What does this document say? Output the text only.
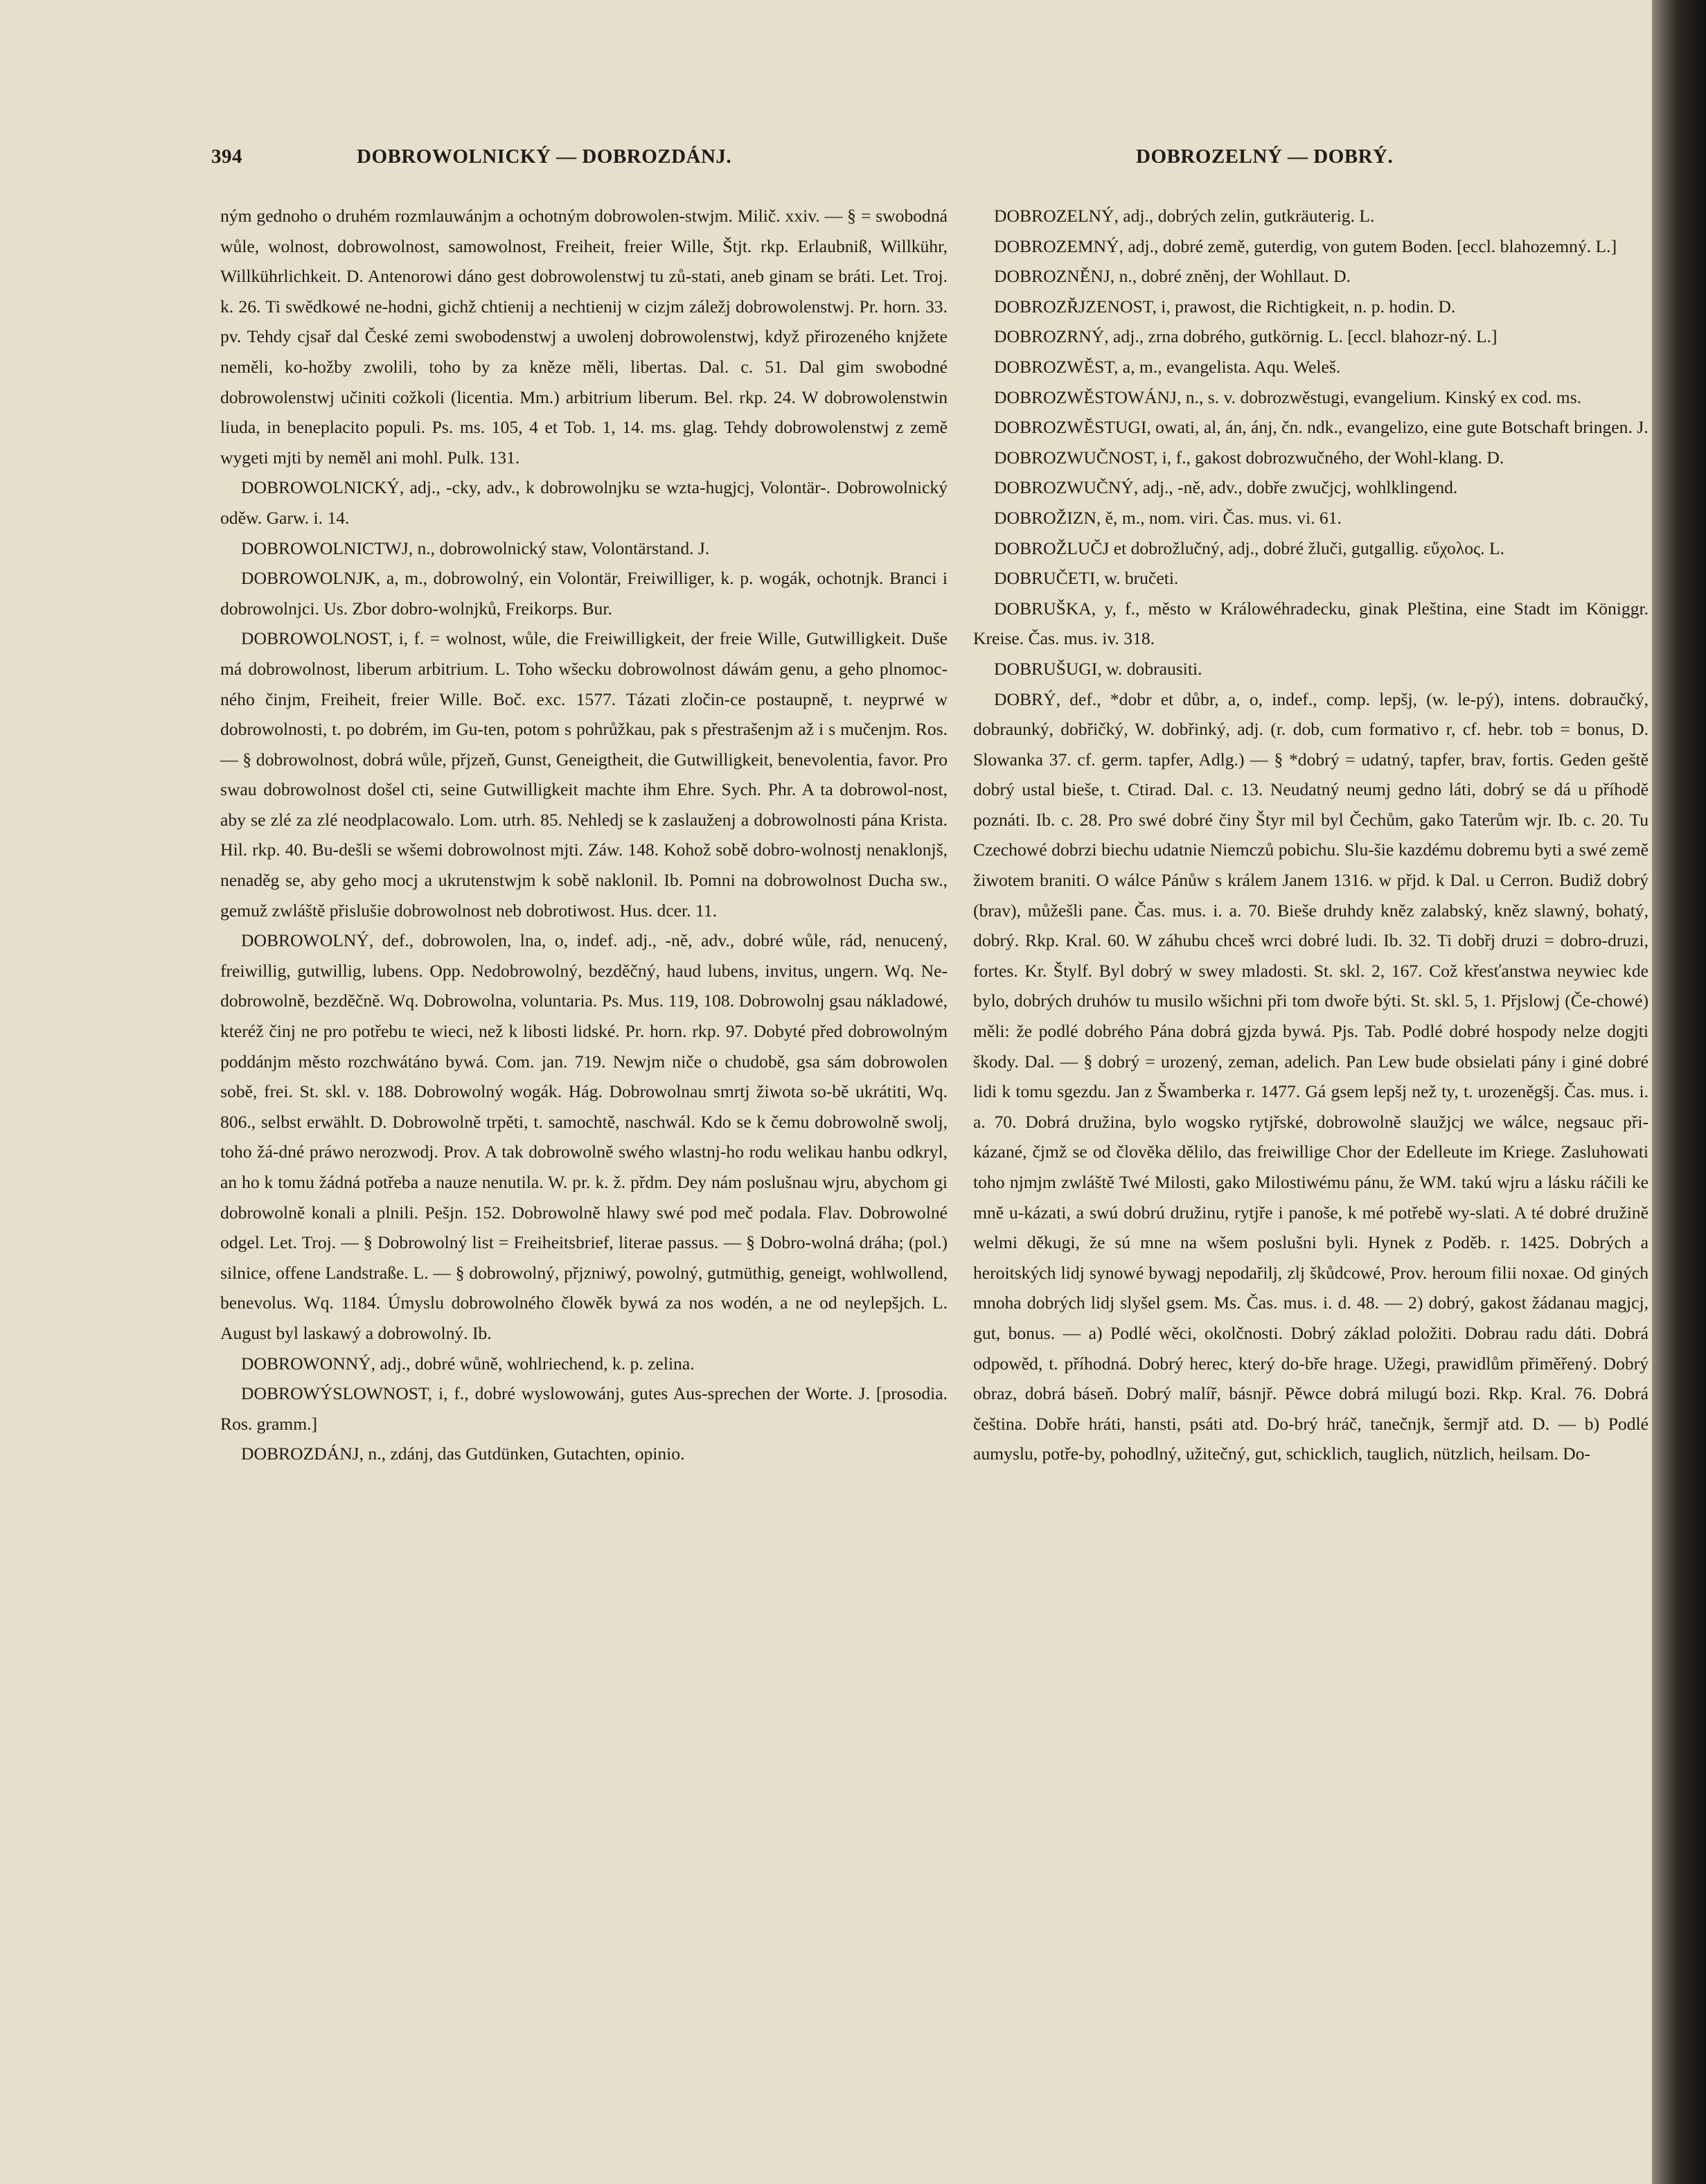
394	DOBROWOLNICKÝ — DOBROZDÁNJ.	DOBROZELNÝ — DOBRÝ.

ným gednoho o druhém rozmlauwánjm a ochotným dobrowolen-stwjm. Milič. xxiv. — § = swobodná wůle, wolnost, dobrowolnost, samowolnost, Freiheit, freier Wille, Štjt. rkp. Erlaubniß, Willkühr, Willkührlichkeit. D. Antenorowi dáno gest dobrowolenstwj tu zů-stati, aneb ginam se bráti. Let. Troj. k. 26. Ti swědkowé ne-hodni, gichž chtienij a nechtienij w cizjm záležj dobrowolenstwj. Pr. horn. 33. pv. Tehdy cjsař dal České zemi swobodenstwj a uwolenj dobrowolenstwj, když přirozeného knjžete neměli, ko-hožby zwolili, toho by za kněze měli, libertas. Dal. c. 51. Dal gim swobodné dobrowolenstwj učiniti cožkoli (licentia. Mm.) arbitrium liberum. Bel. rkp. 24. W dobrowolenstwin liuda, in beneplacito populi. Ps. ms. 105, 4 et Tob. 1, 14. ms. glag. Tehdy dobrowolenstwj z země wygeti mjti by neměl ani mohl. Pulk. 131.

DOBROWOLNICKÝ, adj., -cky, adv., k dobrowolnjku se wzta-hugjcj, Volontär-. Dobrowolnický oděw. Garw. i. 14.

DOBROWOLNICTWJ, n., dobrowolnický staw, Volontärstand. J.

DOBROWOLNJK, a, m., dobrowolný, ein Volontär, Freiwilliger, k. p. wogák, ochotnjk. Branci i dobrowolnjci. Us. Zbor dobro-wolnjků, Freikorps. Bur.

DOBROWOLNOST, i, f. = wolnost, wůle, die Freiwilligkeit, der freie Wille, Gutwilligkeit. Duše má dobrowolnost, liberum arbitrium. L. Toho wšecku dobrowolnost dáwám genu, a geho plnomoc-ného činjm, Freiheit, freier Wille. Boč. exc. 1577. Tázati zločin-ce postaupně, t. neyprwé w dobrowolnosti, t. po dobrém, im Gu-ten, potom s pohrůžkau, pak s přestrašenjm až i s mučenjm. Ros. — § dobrowolnost, dobrá wůle, přjzeň, Gunst, Geneigtheit, die Gutwilligkeit, benevolentia, favor. Pro swau dobrowolnost došel cti, seine Gutwilligkeit machte ihm Ehre. Sych. Phr. A ta dobrowol-nost, aby se zlé za zlé neodplacowalo. Lom. utrh. 85. Nehledj se k zaslauženj a dobrowolnosti pána Krista. Hil. rkp. 40. Bu-dešli se wšemi dobrowolnost mjti. Záw. 148. Kohož sobě dobro-wolnostj nenaklonjš, nenaděg se, aby geho mocj a ukrutenstwjm k sobě naklonil. Ib. Pomni na dobrowolnost Ducha sw., gemuž zwláště přislušie dobrowolnost neb dobrotiwost. Hus. dcer. 11.

DOBROWOLNÝ, def., dobrowolen, lna, o, indef. adj., -ně, adv., dobré wůle, rád, nenucený, freiwillig, gutwillig, lubens. Opp. Nedobrowolný, bezděčný, haud lubens, invitus, ungern. Wq. Ne-dobrowolně, bezděčně. Wq. Dobrowolna, voluntaria. Ps. Mus. 119, 108. Dobrowolnj gsau nákladowé, kteréž činj ne pro potřebu te wieci, než k libosti lidské. Pr. horn. rkp. 97. Dobyté před dobrowolným poddánjm město rozchwátáno bywá. Com. jan. 719. Newjm niče o chudobě, gsa sám dobrowolen sobě, frei. St. skl. v. 188. Dobrowolný wogák. Hág. Dobrowolnau smrtj žiwota so-bě ukrátiti, Wq. 806., selbst erwählt. D. Dobrowolně trpěti, t. samochtě, naschwál. Kdo se k čemu dobrowolně swolj, toho žá-dné práwo nerozwodj. Prov. A tak dobrowolně swého wlastnj-ho rodu welikau hanbu odkryl, an ho k tomu žádná potřeba a nauze nenutila. W. pr. k. ž. přdm. Dey nám poslušnau wjru, abychom gi dobrowolně konali a plnili. Pešjn. 152. Dobrowolně hlawy swé pod meč podala. Flav. Dobrowolné odgel. Let. Troj. — § Dobrowolný list = Freiheitsbrief, literae passus. — § Dobro-wolná dráha; (pol.) silnice, offene Landstraße. L. — § dobrowolný, přjzniwý, powolný, gutmüthig, geneigt, wohlwollend, benevolus. Wq. 1184. Úmyslu dobrowolného člowěk bywá za nos wodén, a ne od neylepšjch. L. August byl laskawý a dobrowolný. Ib.

DOBROWONNÝ, adj., dobré wůně, wohlriechend, k. p. zelina.

DOBROWÝSLOWNOST, i, f., dobré wyslowowánj, gutes Aus-sprechen der Worte. J. [prosodia. Ros. gramm.]

DOBROZDÁNJ, n., zdánj, das Gutdünken, Gutachten, opinio.

DOBROZELNÝ, adj., dobrých zelin, gutkräuterig. L.

DOBROZEMNÝ, adj., dobré země, guterdig, von gutem Boden. [eccl. blahozemný. L.]

DOBROZNĚNJ, n., dobré zněnj, der Wohllaut. D.

DOBROZŘJZENOST, i, prawost, die Richtigkeit, n. p. hodin. D.

DOBROZRNÝ, adj., zrna dobrého, gutkörnig. L. [eccl. blahozr-ný. L.]

DOBROZWĚST, a, m., evangelista. Aqu. Weleš.

DOBROZWĚSTOWÁNJ, n., s. v. dobrozwěstugi, evangelium. Kinský ex cod. ms.

DOBROZWĚSTUGI, owati, al, án, ánj, čn. ndk., evangelizo, eine gute Botschaft bringen. J.

DOBROZWUČNOST, i, f., gakost dobrozwučného, der Wohl-klang. D.

DOBROZWUČNÝ, adj., -ně, adv., dobře zwučjcj, wohlklingend.

DOBROŽIZN, ě, m., nom. viri. Čas. mus. vi. 61.

DOBROŽLUČJ et dobrožlučný, adj., dobré žluči, gutgallig. εὔχολος. L.

DOBRUČETI, w. bručeti.

DOBRUŠKA, y, f., město w Králowéhradecku, ginak Pleština, eine Stadt im Königgr. Kreise. Čas. mus. iv. 318.

DOBRUŠUGI, w. dobrausiti.

DOBRÝ, def., *dobr et důbr, a, o, indef., comp. lepšj, (w. le-pý), intens. dobraučký, dobraunký, dobřičký, W. dobřinký, adj. (r. dob, cum formativo r, cf. hebr. tob = bonus, D. Slowanka 37. cf. germ. tapfer, Adlg.) — § *dobrý = udatný, tapfer, brav, fortis. Geden geště dobrý ustal bieše, t. Ctirad. Dal. c. 13. Neudatný neumj gedno láti, dobrý se dá u příhodě poznáti. Ib. c. 28. Pro swé dobré činy Štyr mil byl Čechům, gako Taterům wjr. Ib. c. 20. Tu Czechowé dobrzi biechu udatnie Niemczů pobichu. Slu-šie kazdému dobremu byti a swé země žiwotem braniti. O wálce Pánůw s králem Janem 1316. w přjd. k Dal. u Cerron. Budiž dobrý (brav), můžešli pane. Čas. mus. i. a. 70. Bieše druhdy kněz zalabský, kněz slawný, bohatý, dobrý. Rkp. Kral. 60. W záhubu chceš wrci dobré ludi. Ib. 32. Ti dobřj druzi = dobro-druzi, fortes. Kr. Štylf. Byl dobrý w swey mladosti. St. skl. 2, 167. Což křesťanstwa neywiec kde bylo, dobrých druhów tu musilo wšichni při tom dwoře býti. St. skl. 5, 1. Přjslowj (Če-chowé) měli: že podlé dobrého Pána dobrá gjzda bywá. Pjs. Tab. Podlé dobré hospody nelze dogjti škody. Dal. — § dobrý = urozený, zeman, adelich. Pan Lew bude obsielati pány i giné dobré lidi k tomu sgezdu. Jan z Šwamberka r. 1477. Gá gsem lepšj než ty, t. urozeněgšj. Čas. mus. i. a. 70. Dobrá družina, bylo wogsko rytjřské, dobrowolně slaužjcj we wálce, negsauc při-kázané, čjmž se od člověka dělilo, das freiwillige Chor der Edelleute im Kriege. Zasluhowati toho njmjm zwláště Twé Milosti, gako Milostiwému pánu, že WM. takú wjru a lásku ráčili ke mně u-kázati, a swú dobrú družinu, rytjře i panoše, k mé potřebě wy-slati. A té dobré družině welmi děkugi, že sú mne na wšem poslušni byli. Hynek z Poděb. r. 1425. Dobrých a heroitských lidj synowé bywagj nepodařilj, zlj škůdcowé, Prov. heroum filii noxae. Od giných mnoha dobrých lidj slyšel gsem. Ms. Čas. mus. i. d. 48. — 2) dobrý, gakost žádanau magjcj, gut, bonus. — a) Podlé wěci, okolčnosti. Dobrý základ položiti. Dobrau radu dáti. Dobrá odpowěd, t. příhodná. Dobrý herec, který do-bře hrage. Užegi, prawidlům přiměřený. Dobrý obraz, dobrá báseň. Dobrý malíř, básnjř. Pěwce dobrá milugú bozi. Rkp. Kral. 76. Dobrá čeština. Dobře hráti, hansti, psáti atd. Do-brý hráč, tanečnjk, šermjř atd. D. — b) Podlé aumyslu, potře-by, pohodlný, užitečný, gut, schicklich, tauglich, nützlich, heilsam. Do-
